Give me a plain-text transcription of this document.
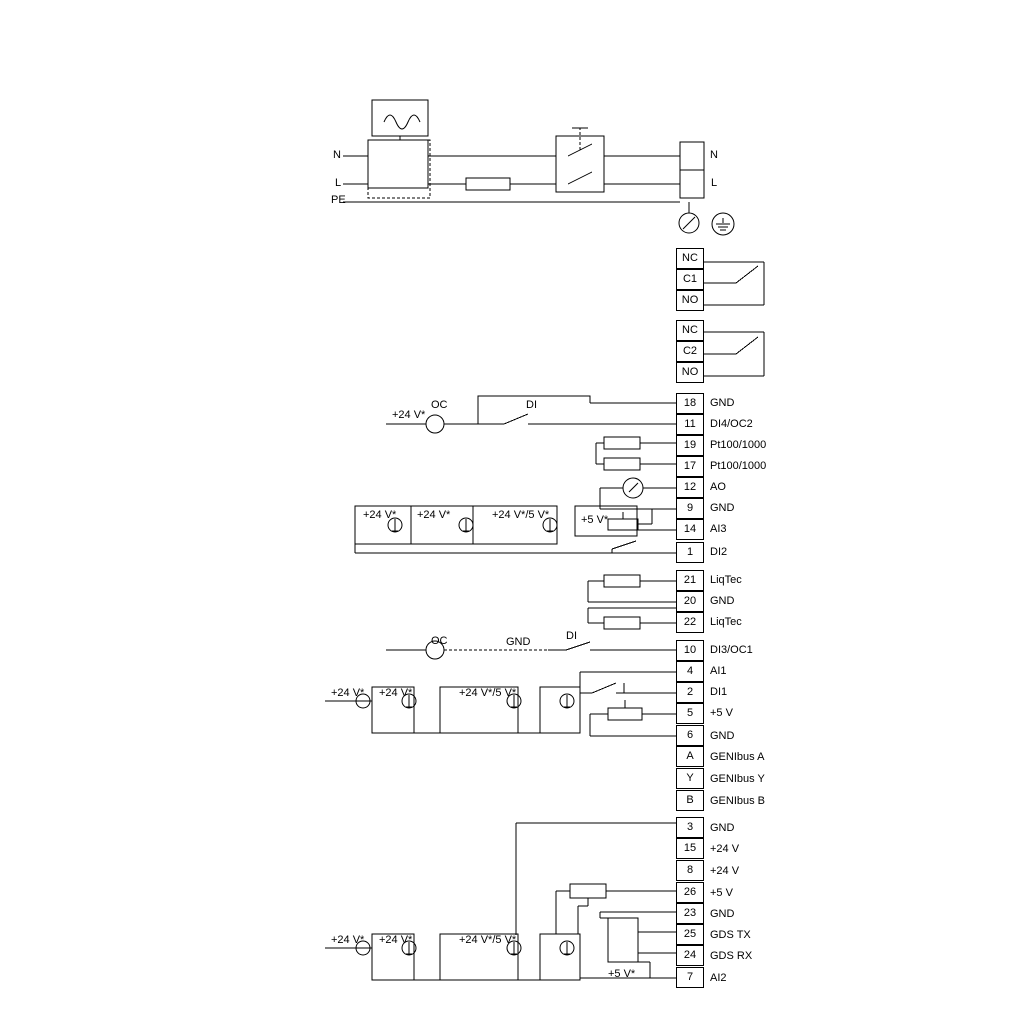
N
L
PE
N
L
NC
C1
NO
NC
C2
NO
18	GND
11	DI4/OC2
19	Pt100/1000
17	Pt100/1000
12	AO
9	GND
14	AI3
1	DI2
21	LiqTec
20	GND
22	LiqTec
10	DI3/OC1
4	AI1
2	DI1
5	+5 V
6	GND
A	GENIbus A
Y	GENIbus Y
B	GENIbus B
3	GND
15	+24 V
8	+24 V
26	+5 V
23	GND
25	GDS TX
24	GDS RX
7	AI2
OC	DI
+24 V*
+24 V* +24 V*	+24 V*/5 V*	+5 V*
OC	GND	DI
+24 V* +24 V*	+24 V*/5 V*
+24 V* +24 V*	+24 V*/5 V*
+5 V*
